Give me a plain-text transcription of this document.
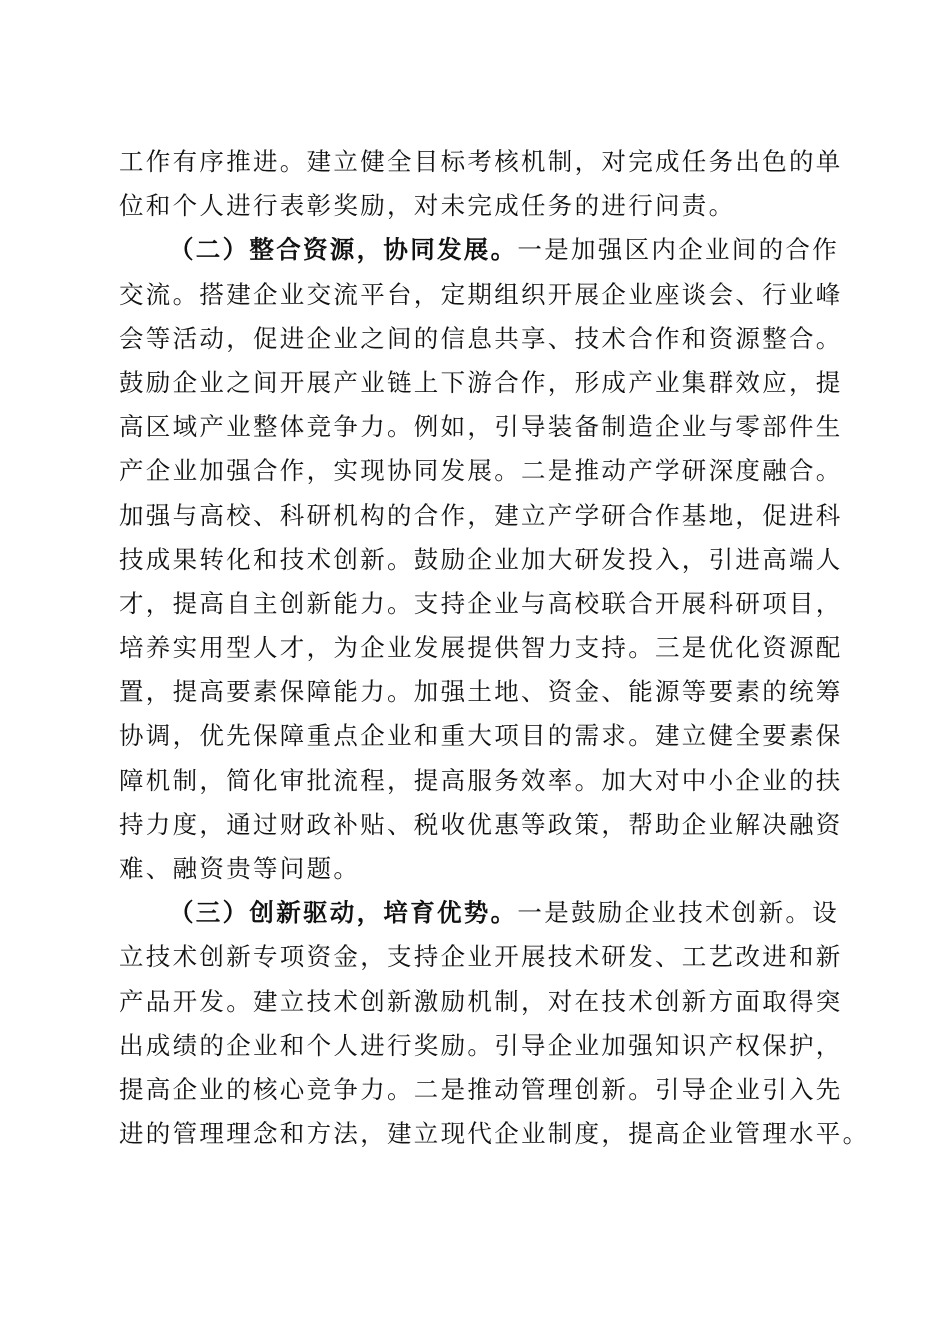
工作有序推进。建立健全目标考核机制，对完成任务出色的单
位和个人进行表彰奖励，对未完成任务的进行问责。
（二）整合资源，协同发展。一是加强区内企业间的合作
交流。搭建企业交流平台，定期组织开展企业座谈会、行业峰
会等活动，促进企业之间的信息共享、技术合作和资源整合。
鼓励企业之间开展产业链上下游合作，形成产业集群效应，提
高区域产业整体竞争力。例如，引导装备制造企业与零部件生
产企业加强合作，实现协同发展。二是推动产学研深度融合。
加强与高校、科研机构的合作，建立产学研合作基地，促进科
技成果转化和技术创新。鼓励企业加大研发投入，引进高端人
才，提高自主创新能力。支持企业与高校联合开展科研项目，
培养实用型人才，为企业发展提供智力支持。三是优化资源配
置，提高要素保障能力。加强土地、资金、能源等要素的统筹
协调，优先保障重点企业和重大项目的需求。建立健全要素保
障机制，简化审批流程，提高服务效率。加大对中小企业的扶
持力度，通过财政补贴、税收优惠等政策，帮助企业解决融资
难、融资贵等问题。
（三）创新驱动，培育优势。一是鼓励企业技术创新。设
立技术创新专项资金，支持企业开展技术研发、工艺改进和新
产品开发。建立技术创新激励机制，对在技术创新方面取得突
出成绩的企业和个人进行奖励。引导企业加强知识产权保护，
提高企业的核心竞争力。二是推动管理创新。引导企业引入先
进的管理理念和方法，建立现代企业制度，提高企业管理水平。
